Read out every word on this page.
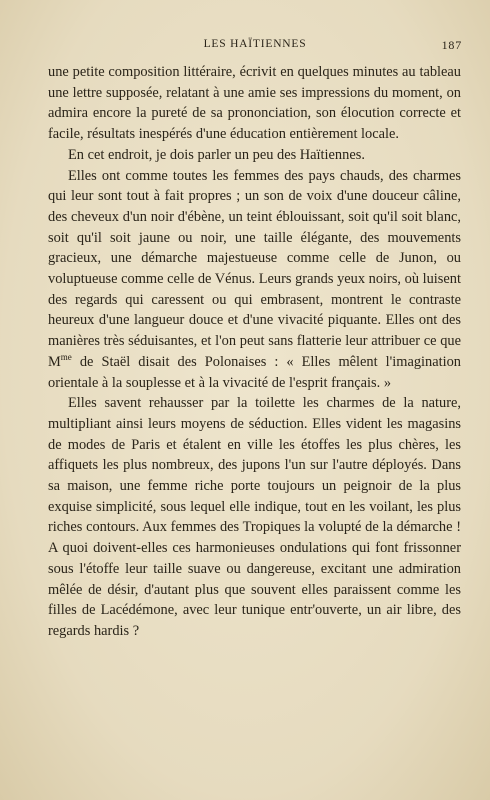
LES HAÏTIENNES	187

une petite composition littéraire, écrivit en quelques minutes au tableau une lettre supposée, relatant à une amie ses impressions du moment, on admira encore la pureté de sa prononciation, son élocution correcte et facile, résultats inespérés d'une éducation entièrement locale.

En cet endroit, je dois parler un peu des Haïtiennes.

Elles ont comme toutes les femmes des pays chauds, des charmes qui leur sont tout à fait propres ; un son de voix d'une douceur câline, des cheveux d'un noir d'ébène, un teint éblouissant, soit qu'il soit blanc, soit qu'il soit jaune ou noir, une taille élégante, des mouvements gracieux, une démarche majestueuse comme celle de Junon, ou voluptueuse comme celle de Vénus. Leurs grands yeux noirs, où luisent des regards qui caressent ou qui embrasent, montrent le contraste heureux d'une langueur douce et d'une vivacité piquante. Elles ont des manières très séduisantes, et l'on peut sans flatterie leur attribuer ce que $M^{me}$ de Staël disait des Polonaises : « Elles mêlent l'imagination orientale à la souplesse et à la vivacité de l'esprit français. »

Elles savent rehausser par la toilette les charmes de la nature, multipliant ainsi leurs moyens de séduction. Elles vident les magasins de modes de Paris et étalent en ville les étoffes les plus chères, les affiquets les plus nombreux, des jupons l'un sur l'autre déployés. Dans sa maison, une femme riche porte toujours un peignoir de la plus exquise simplicité, sous lequel elle indique, tout en les voilant, les plus riches contours. Aux femmes des Tropiques la volupté de la démarche ! A quoi doivent-elles ces harmonieuses ondulations qui font frissonner sous l'étoffe leur taille suave ou dangereuse, excitant une admiration mêlée de désir, d'autant plus que souvent elles paraissent comme les filles de Lacédémone, avec leur tunique entr'ouverte, un air libre, des regards hardis ?
